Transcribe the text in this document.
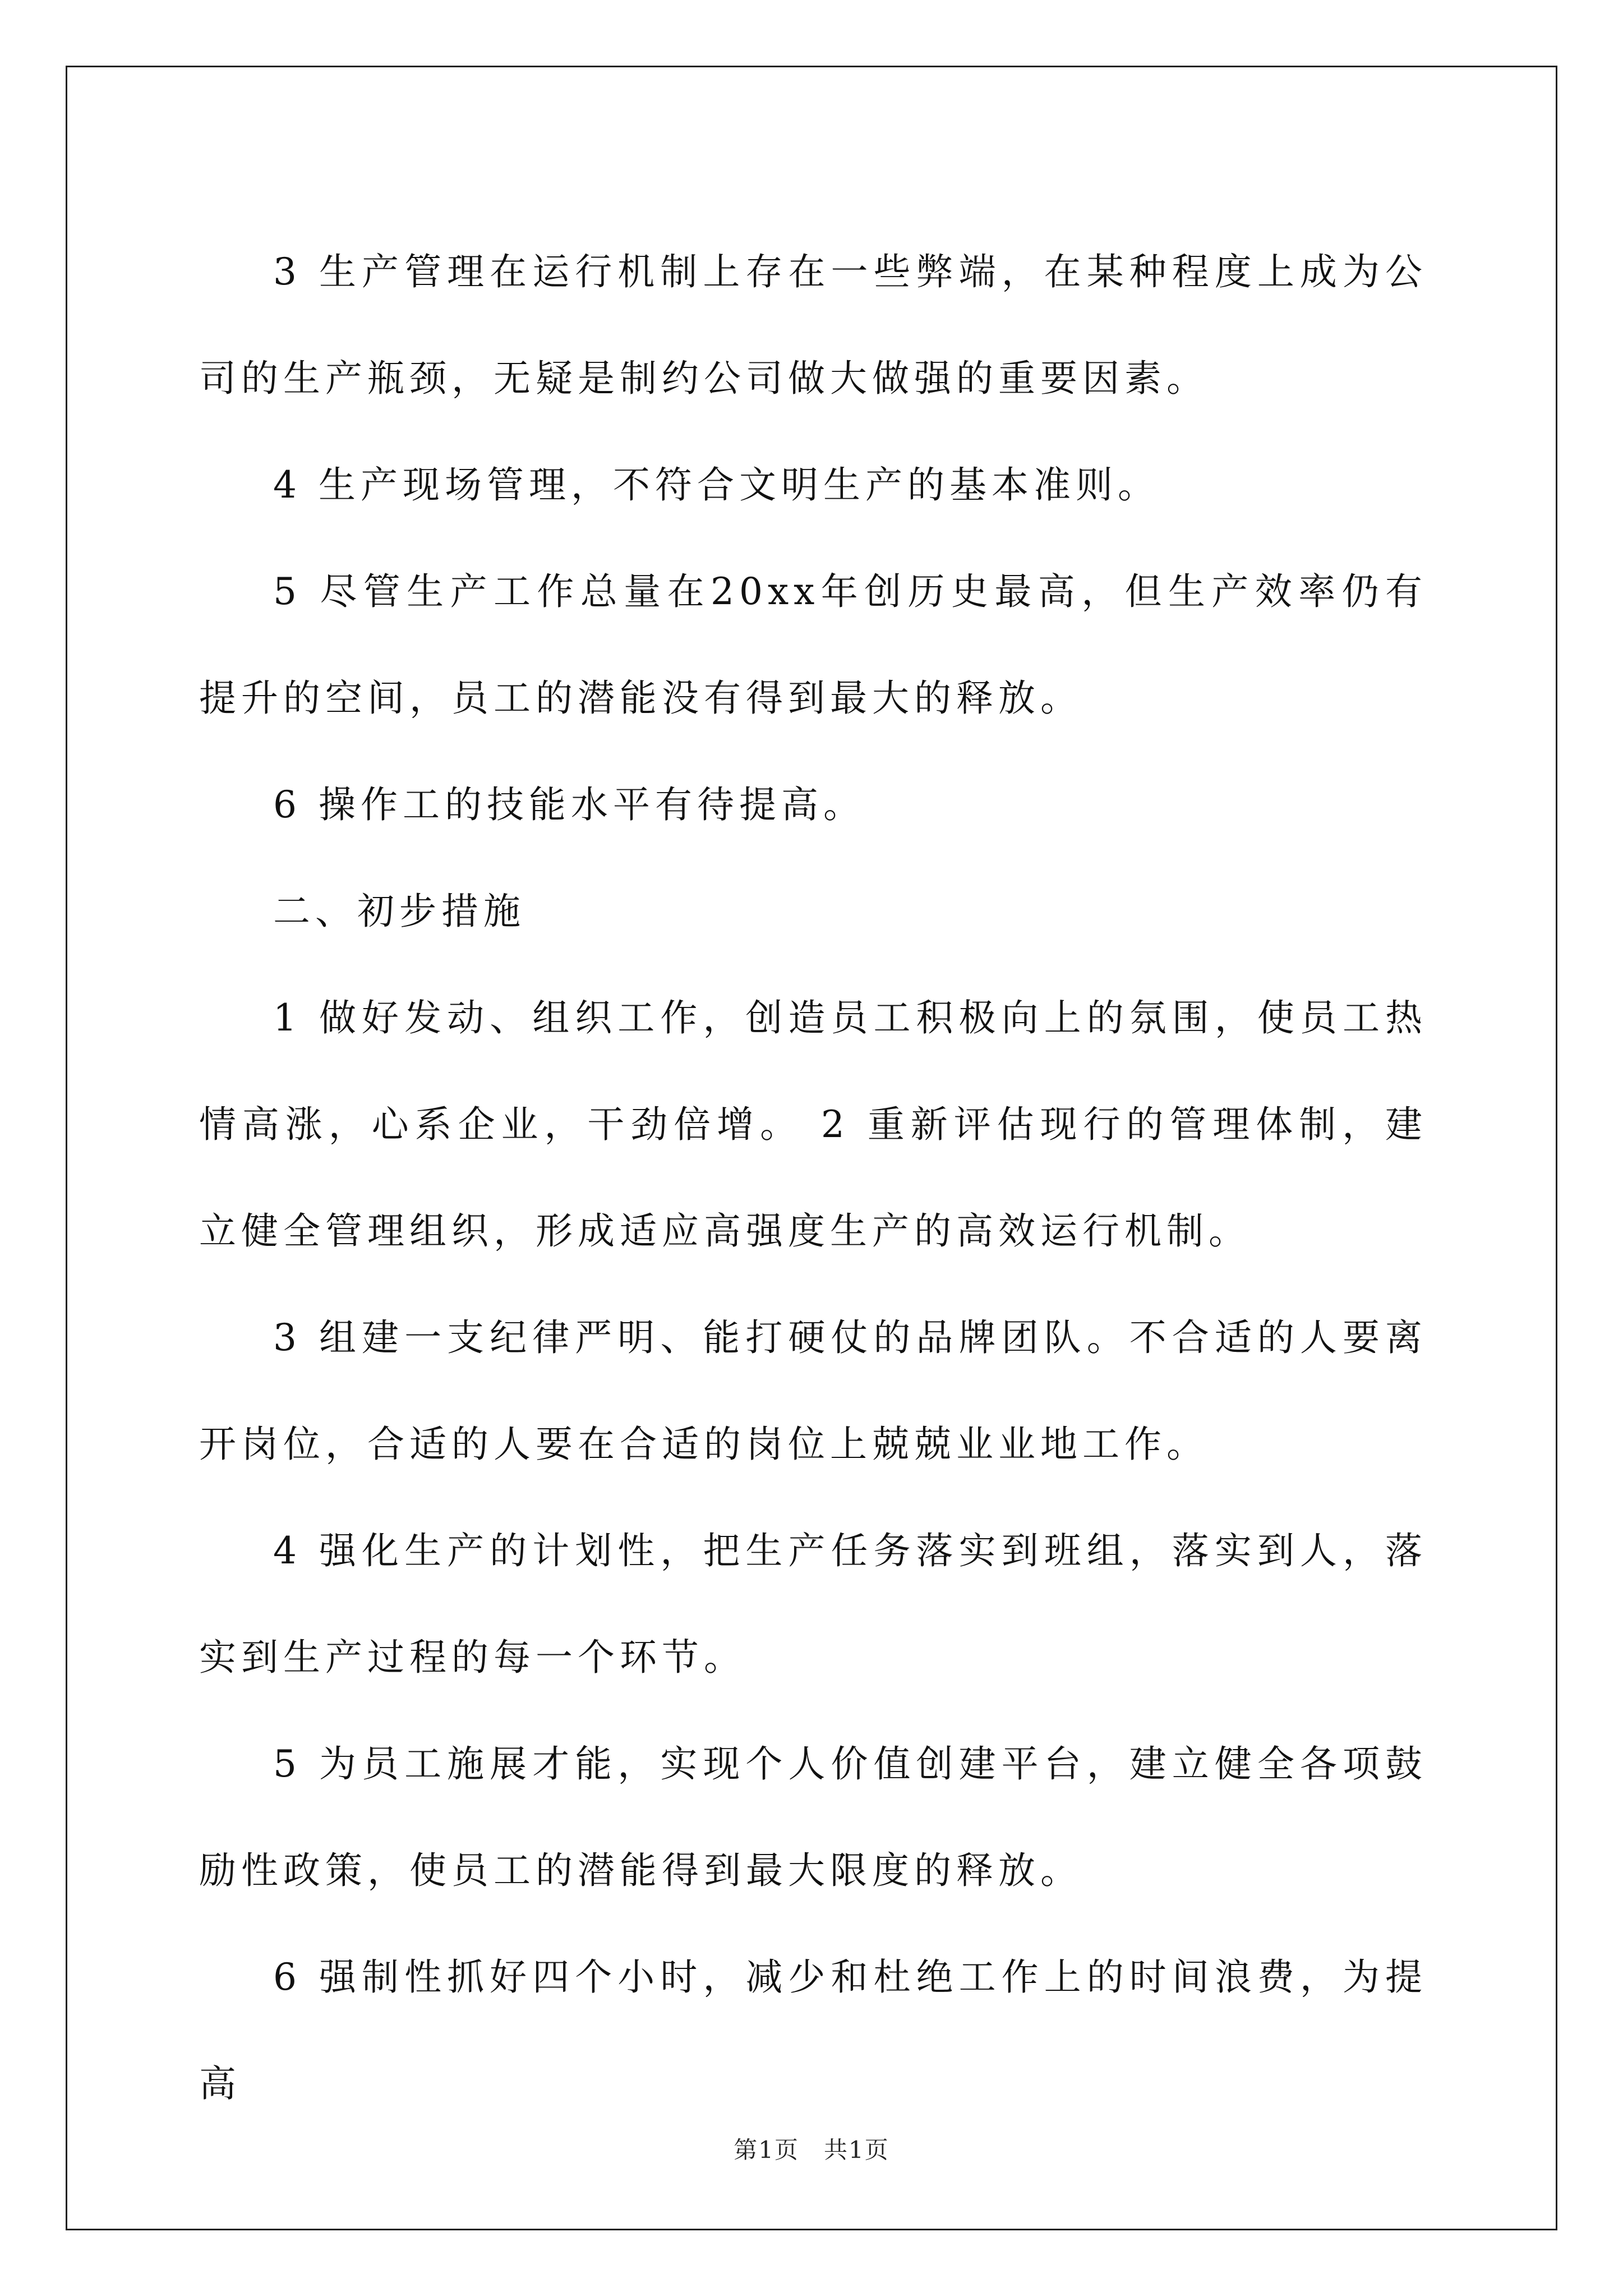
3 生产管理在运行机制上存在一些弊端，在某种程度上成为公司的生产瓶颈，无疑是制约公司做大做强的重要因素。

4 生产现场管理，不符合文明生产的基本准则。

5 尽管生产工作总量在20xx年创历史最高，但生产效率仍有提升的空间，员工的潜能没有得到最大的释放。

6 操作工的技能水平有待提高。

二、初步措施

1 做好发动、组织工作，创造员工积极向上的氛围，使员工热情高涨，心系企业，干劲倍增。 2 重新评估现行的管理体制，建立健全管理组织，形成适应高强度生产的高效运行机制。

3 组建一支纪律严明、能打硬仗的品牌团队。不合适的人要离开岗位，合适的人要在合适的岗位上兢兢业业地工作。

4 强化生产的计划性，把生产任务落实到班组，落实到人，落实到生产过程的每一个环节。

5 为员工施展才能，实现个人价值创建平台，建立健全各项鼓励性政策，使员工的潜能得到最大限度的释放。

6 强制性抓好四个小时，减少和杜绝工作上的时间浪费，为提高

第1页　共1页
